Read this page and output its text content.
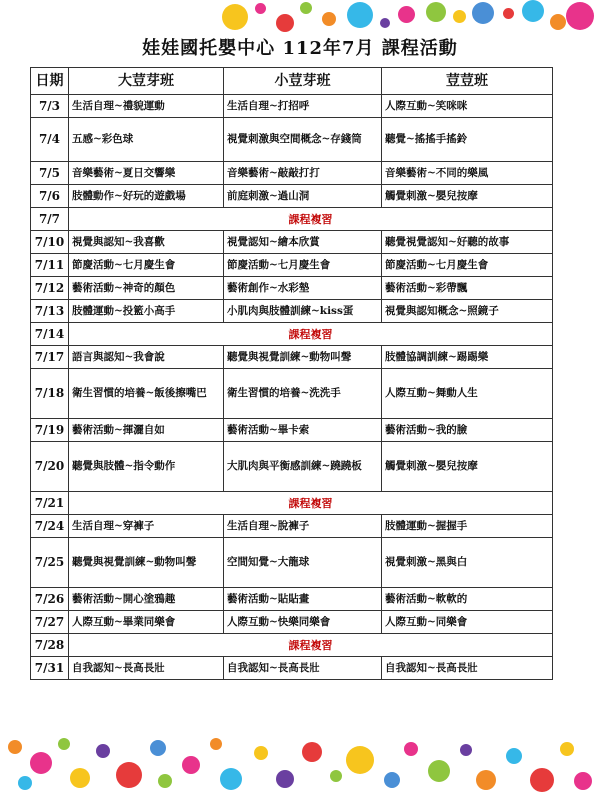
娃娃國托嬰中心 112年7月 課程活動
日期	大荳芽班	小荳芽班	荳荳班
7/3	生活自理~禮貌運動	生活自理~打招呼	人際互動~笑咪咪
7/4	五感~彩色球	視覺刺激與空間概念~存錢筒	聽覺~搖搖手搖鈴
7/5	音樂藝術~夏日交響樂	音樂藝術~敲敲打打	音樂藝術~不同的樂風
7/6	肢體動作~好玩的遊戲場	前庭刺激~過山洞	觸覺刺激~嬰兒按摩
7/7	課程複習		
7/10	視覺與認知~我喜歡	視覺認知~繪本欣賞	聽覺視覺認知~好聽的故事
7/11	節慶活動~七月慶生會	節慶活動~七月慶生會	節慶活動~七月慶生會
7/12	藝術活動~神奇的顏色	藝術創作~水彩墊	藝術活動~彩帶飄
7/13	肢體運動~投籃小高手	小肌肉與肢體訓練~kiss蛋	視覺與認知概念~照鏡子
7/14	課程複習		
7/17	語言與認知~我會說	聽覺與視覺訓練~動物叫聲	肢體協調訓練~踢踢樂
7/18	衛生習慣的培養~飯後擦嘴巴	衛生習慣的培養~洗洗手	人際互動~舞動人生
7/19	藝術活動~揮灑自如	藝術活動~畢卡索	藝術活動~我的臉
7/20	聽覺與肢體~指令動作	大肌肉與平衡感訓練~蹺蹺板	觸覺刺激~嬰兒按摩
7/21	課程複習		
7/24	生活自理~穿褲子	生活自理~脫褲子	肢體運動~握握手
7/25	聽覺與視覺訓練~動物叫聲	空間知覺~大龍球	視覺刺激~黑與白
7/26	藝術活動~開心塗鴉趣	藝術活動~貼貼畫	藝術活動~軟軟的
7/27	人際互動~畢業同樂會	人際互動~快樂同樂會	人際互動~同樂會
7/28	課程複習		
7/31	自我認知~長高長壯	自我認知~長高長壯	自我認知~長高長壯
